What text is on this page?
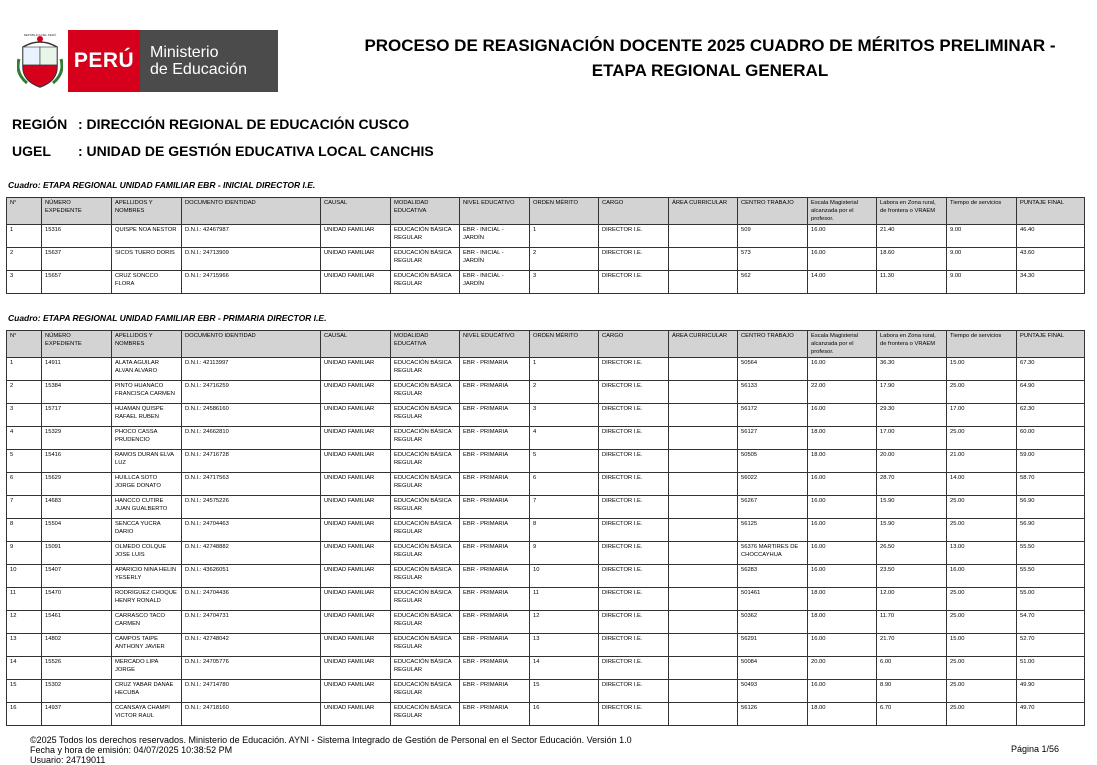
REPÚBLICA DEL PERÚ
PERÚ Ministerio
de Educación
PROCESO DE REASIGNACIÓN DOCENTE 2025 CUADRO DE MÉRITOS PRELIMINAR -
ETAPA REGIONAL GENERAL
REGIÓN : DIRECCIÓN REGIONAL DE EDUCACIÓN CUSCO
UGEL : UNIDAD DE GESTIÓN EDUCATIVA LOCAL CANCHIS
Cuadro: ETAPA REGIONAL UNIDAD FAMILIAR EBR - INICIAL DIRECTOR I.E.
N°	NÚMERO EXPEDIENTE	APELLIDOS Y NOMBRES	DOCUMENTO IDENTIDAD	CAUSAL	MODALIDAD EDUCATIVA	NIVEL EDUCATIVO	ORDEN MÉRITO	CARGO	ÁREA CURRICULAR	CENTRO TRABAJO	Escala Magisterial alcanzada por el profesor.	Labora en Zona rural, de frontera o VRAEM	Tiempo de servicios	PUNTAJE FINAL
1	15316	QUISPE NOA NESTOR	D.N.I.: 42467987	UNIDAD FAMILIAR	EDUCACIÓN BÁSICA REGULAR	EBR - INICIAL - JARDÍN	1	DIRECTOR I.E.		509	16.00	21.40	9.00	46.40
2	15637	SICOS TUERO DORIS	D.N.I.: 24713909	UNIDAD FAMILIAR	EDUCACIÓN BÁSICA REGULAR	EBR - INICIAL - JARDÍN	2	DIRECTOR I.E.		573	16.00	18.60	9.00	43.60
3	15657	CRUZ SONCCO FLORA	D.N.I.: 24715966	UNIDAD FAMILIAR	EDUCACIÓN BÁSICA REGULAR	EBR - INICIAL - JARDÍN	3	DIRECTOR I.E.		562	14.00	11.30	9.00	34.30
Cuadro: ETAPA REGIONAL UNIDAD FAMILIAR EBR - PRIMARIA DIRECTOR I.E.
N°	NÚMERO EXPEDIENTE	APELLIDOS Y NOMBRES	DOCUMENTO IDENTIDAD	CAUSAL	MODALIDAD EDUCATIVA	NIVEL EDUCATIVO	ORDEN MÉRITO	CARGO	ÁREA CURRICULAR	CENTRO TRABAJO	Escala Magisterial alcanzada por el profesor.	Labora en Zona rural, de frontera o VRAEM	Tiempo de servicios	PUNTAJE FINAL
1	14911	ALATA AGUILAR ALVAN ALVARO	D.N.I.: 42113997	UNIDAD FAMILIAR	EDUCACIÓN BÁSICA REGULAR	EBR - PRIMARIA	1	DIRECTOR I.E.		50564	16.00	36.30	15.00	67.30
2	15384	PINTO HUANACO FRANCISCA CARMEN	D.N.I.: 24716259	UNIDAD FAMILIAR	EDUCACIÓN BÁSICA REGULAR	EBR - PRIMARIA	2	DIRECTOR I.E.		56133	22.00	17.90	25.00	64.90
3	15717	HUAMAN QUISPE RAFAEL RUBEN	D.N.I.: 24586160	UNIDAD FAMILIAR	EDUCACIÓN BÁSICA REGULAR	EBR - PRIMARIA	3	DIRECTOR I.E.		56172	16.00	29.30	17.00	62.30
4	15329	PHOCO CASSA PRUDENCIO	D.N.I.: 24662810	UNIDAD FAMILIAR	EDUCACIÓN BÁSICA REGULAR	EBR - PRIMARIA	4	DIRECTOR I.E.		56127	18.00	17.00	25.00	60.00
5	15416	RAMOS DURAN ELVA LUZ	D.N.I.: 24716728	UNIDAD FAMILIAR	EDUCACIÓN BÁSICA REGULAR	EBR - PRIMARIA	5	DIRECTOR I.E.		50505	18.00	20.00	21.00	59.00
6	15629	HUILLCA SOTO JORGE DONATO	D.N.I.: 24717563	UNIDAD FAMILIAR	EDUCACIÓN BÁSICA REGULAR	EBR - PRIMARIA	6	DIRECTOR I.E.		56022	16.00	28.70	14.00	58.70
7	14683	HANCCO CUTIRE JUAN GUALBERTO	D.N.I.: 24575226	UNIDAD FAMILIAR	EDUCACIÓN BÁSICA REGULAR	EBR - PRIMARIA	7	DIRECTOR I.E.		56267	16.00	15.90	25.00	56.90
8	15504	SENCCA YUCRA DARIO	D.N.I.: 24704463	UNIDAD FAMILIAR	EDUCACIÓN BÁSICA REGULAR	EBR - PRIMARIA	8	DIRECTOR I.E.		56125	16.00	15.90	25.00	56.90
9	15091	OLMEDO COLQUE JOSE LUIS	D.N.I.: 42748882	UNIDAD FAMILIAR	EDUCACIÓN BÁSICA REGULAR	EBR - PRIMARIA	9	DIRECTOR I.E.		56376 MARTIRES DE CHOCCAYHUA	16.00	26.50	13.00	55.50
10	15407	APARICIO NINA HELIN YESERLY	D.N.I.: 43626051	UNIDAD FAMILIAR	EDUCACIÓN BÁSICA REGULAR	EBR - PRIMARIA	10	DIRECTOR I.E.		56283	16.00	23.50	16.00	55.50
11	15470	RODRIGUEZ CHOQUE HENRY RONALD	D.N.I.: 24704436	UNIDAD FAMILIAR	EDUCACIÓN BÁSICA REGULAR	EBR - PRIMARIA	11	DIRECTOR I.E.		501461	18.00	12.00	25.00	55.00
12	15461	CARRASCO TACO CARMEN	D.N.I.: 24704731	UNIDAD FAMILIAR	EDUCACIÓN BÁSICA REGULAR	EBR - PRIMARIA	12	DIRECTOR I.E.		50362	18.00	11.70	25.00	54.70
13	14802	CAMPOS TAIPE ANTHONY JAVIER	D.N.I.: 42748042	UNIDAD FAMILIAR	EDUCACIÓN BÁSICA REGULAR	EBR - PRIMARIA	13	DIRECTOR I.E.		56291	16.00	21.70	15.00	52.70
14	15526	MERCADO LIPA JORGE	D.N.I.: 24705776	UNIDAD FAMILIAR	EDUCACIÓN BÁSICA REGULAR	EBR - PRIMARIA	14	DIRECTOR I.E.		50084	20.00	6.00	25.00	51.00
15	15302	CRUZ YABAR DANAE HECUBA	D.N.I.: 24714780	UNIDAD FAMILIAR	EDUCACIÓN BÁSICA REGULAR	EBR - PRIMARIA	15	DIRECTOR I.E.		50493	16.00	8.90	25.00	49.90
16	14937	CCANSAYA CHAMPI VICTOR RAUL	D.N.I.: 24718160	UNIDAD FAMILIAR	EDUCACIÓN BÁSICA REGULAR	EBR - PRIMARIA	16	DIRECTOR I.E.		56126	18.00	6.70	25.00	49.70
©2025 Todos los derechos reservados. Ministerio de Educación. AYNI - Sistema Integrado de Gestión de Personal en el Sector Educación. Versión 1.0
Fecha y hora de emisión: 04/07/2025 10:38:52 PM
Usuario: 24719011
Página 1/56
